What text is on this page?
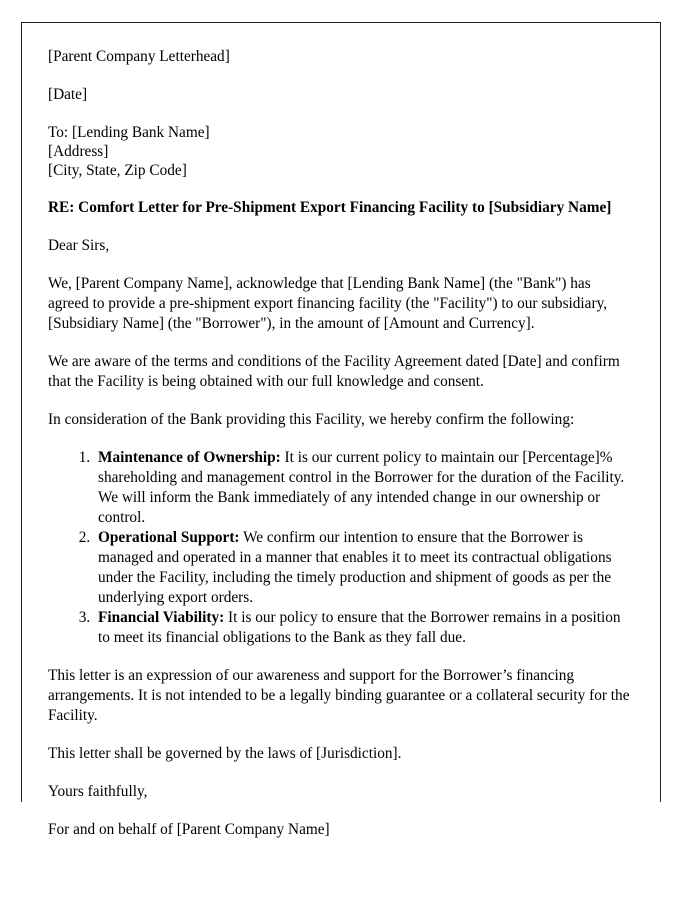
[Parent Company Letterhead]

[Date]

To: [Lending Bank Name]

[Address]

[City, State, Zip Code]

RE: Comfort Letter for Pre-Shipment Export Financing Facility to [Subsidiary Name]

Dear Sirs,

We, [Parent Company Name], acknowledge that [Lending Bank Name] (the "Bank") has agreed to provide a pre-shipment export financing facility (the "Facility") to our subsidiary, [Subsidiary Name] (the "Borrower"), in the amount of [Amount and Currency].

We are aware of the terms and conditions of the Facility Agreement dated [Date] and confirm that the Facility is being obtained with our full knowledge and consent.

In consideration of the Bank providing this Facility, we hereby confirm the following:

1. Maintenance of Ownership: It is our current policy to maintain our [Percentage]% shareholding and management control in the Borrower for the duration of the Facility. We will inform the Bank immediately of any intended change in our ownership or control.
2. Operational Support: We confirm our intention to ensure that the Borrower is managed and operated in a manner that enables it to meet its contractual obligations under the Facility, including the timely production and shipment of goods as per the underlying export orders.
3. Financial Viability: It is our policy to ensure that the Borrower remains in a position to meet its financial obligations to the Bank as they fall due.

This letter is an expression of our awareness and support for the Borrower’s financing arrangements. It is not intended to be a legally binding guarantee or a collateral security for the Facility.

This letter shall be governed by the laws of [Jurisdiction].

Yours faithfully,

For and on behalf of [Parent Company Name]
